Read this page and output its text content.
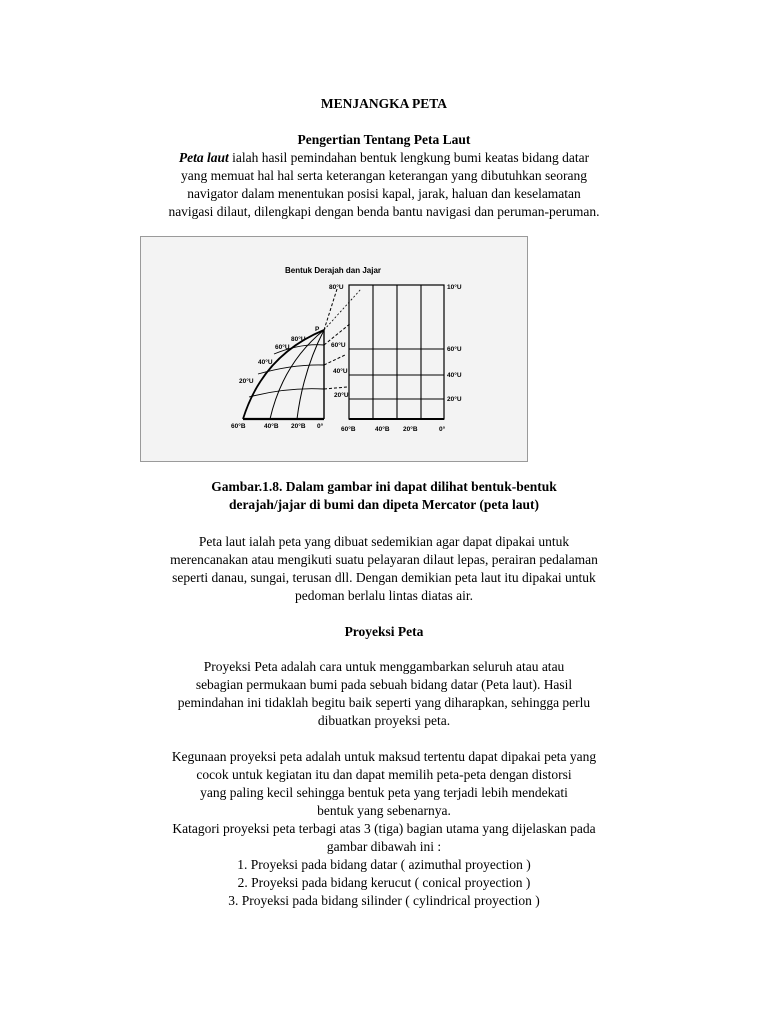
MENJANGKA PETA
Pengertian Tentang Peta Laut
Peta laut ialah hasil pemindahan bentuk lengkung bumi keatas bidang datar
yang memuat hal hal serta keterangan keterangan yang dibutuhkan seorang
navigator dalam menentukan posisi kapal, jarak, haluan dan keselamatan
navigasi dilaut, dilengkapi dengan benda bantu navigasi dan peruman-peruman.
Bentuk Derajah dan Jajar
20°U
40°U
60°U
80°U
P
60°B	40°B 20°B 0°
80°U
60°U
40°U
20°U
10°U
60°U
40°U
20°U
60°B	40°B 20°B	0°
Gambar.1.8. Dalam gambar ini dapat dilihat bentuk-bentuk
derajah/jajar di bumi dan dipeta Mercator (peta laut)
Peta laut ialah peta yang dibuat sedemikian agar dapat dipakai untuk
merencanakan atau mengikuti suatu pelayaran dilaut lepas, perairan pedalaman
seperti danau, sungai, terusan dll. Dengan demikian peta laut itu dipakai untuk
pedoman berlalu lintas diatas air.
Proyeksi Peta
Proyeksi Peta adalah cara untuk menggambarkan seluruh atau atau
sebagian permukaan bumi pada sebuah bidang datar (Peta laut). Hasil
pemindahan ini tidaklah begitu baik seperti yang diharapkan, sehingga perlu
dibuatkan proyeksi peta.
Kegunaan proyeksi peta adalah untuk maksud tertentu dapat dipakai peta yang
cocok untuk kegiatan itu dan dapat memilih peta-peta dengan distorsi
yang paling kecil sehingga bentuk peta yang terjadi lebih mendekati
bentuk yang sebenarnya.
Katagori proyeksi peta terbagi atas 3 (tiga) bagian utama yang dijelaskan pada
gambar dibawah ini :
1. Proyeksi pada bidang datar ( azimuthal proyection )
2. Proyeksi pada bidang kerucut ( conical proyection )
3. Proyeksi pada bidang silinder ( cylindrical proyection )
